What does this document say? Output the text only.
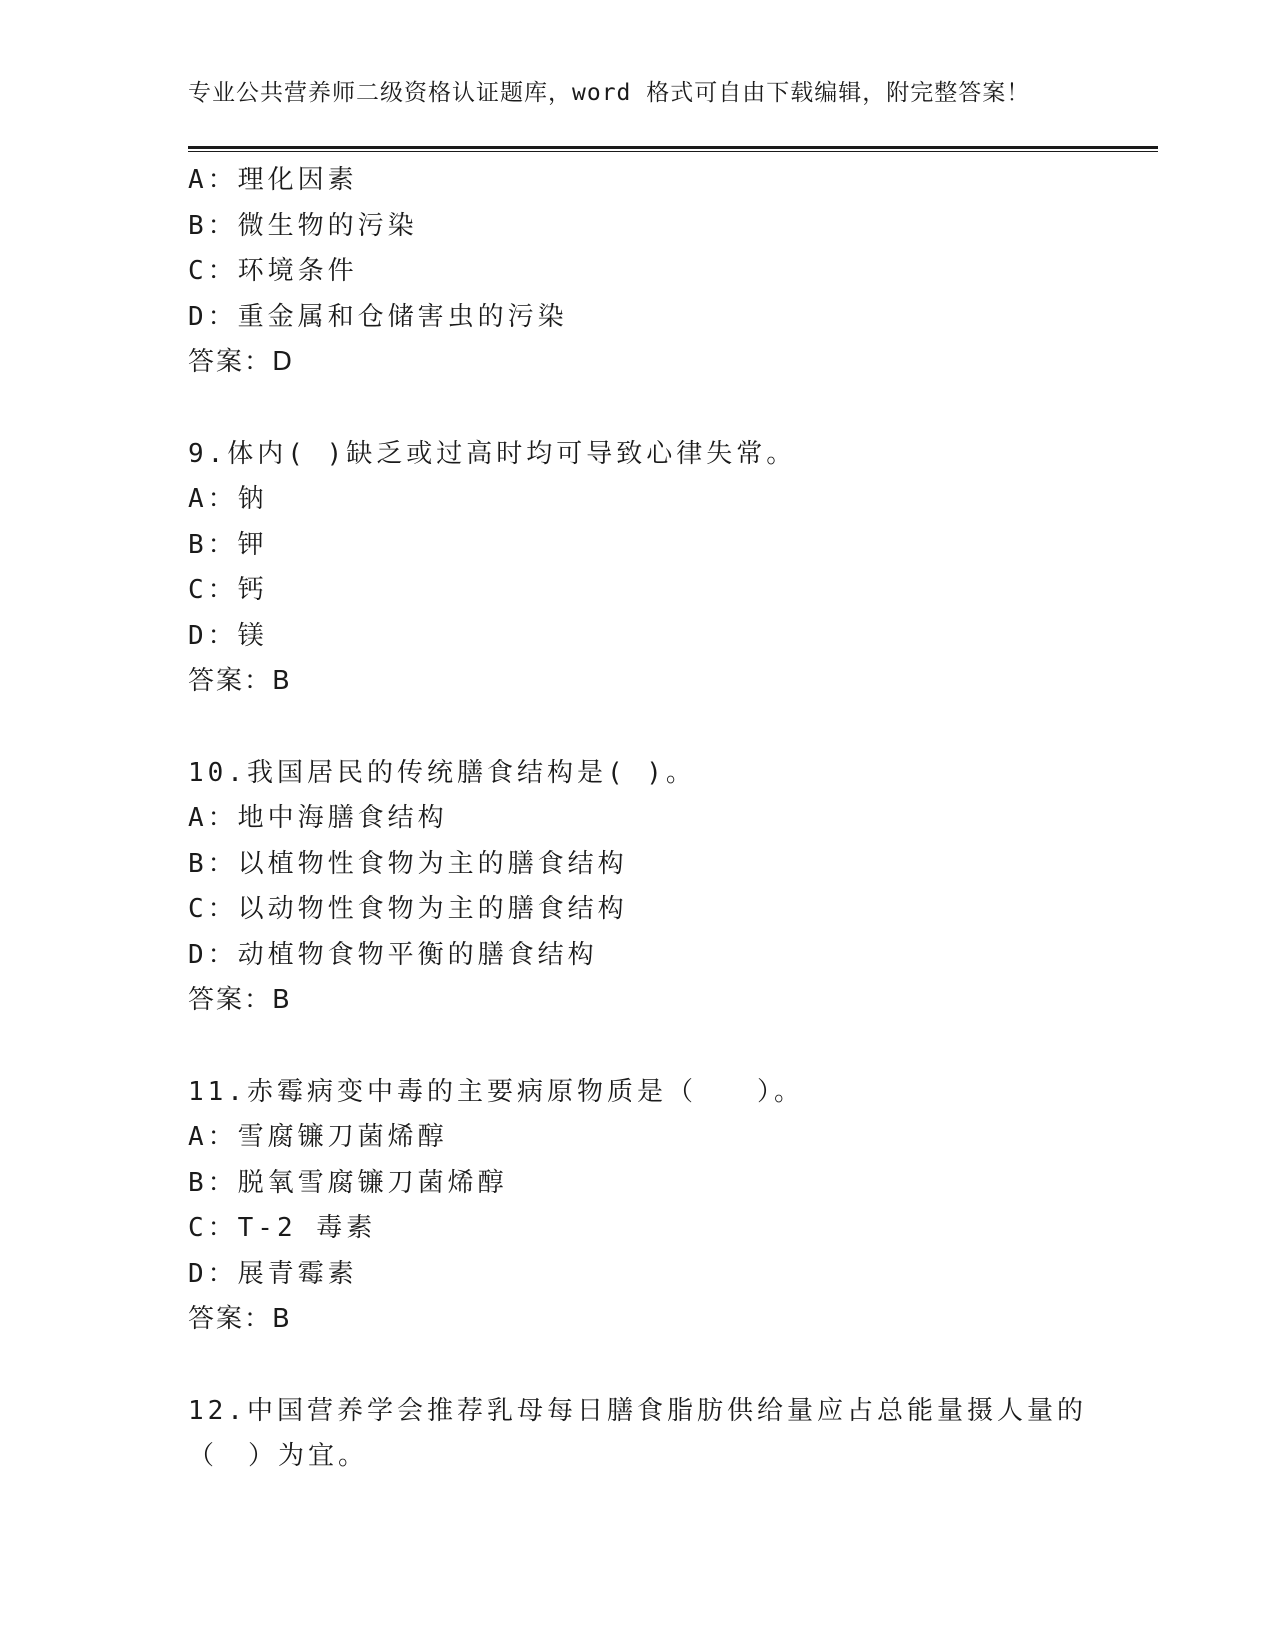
专业公共营养师二级资格认证题库，word 格式可自由下载编辑，附完整答案！
A：理化因素
B：微生物的污染
C：环境条件
D：重金属和仓储害虫的污染
答案：D
9.体内( )缺乏或过高时均可导致心律失常。
A：钠
B：钾
C：钙
D：镁
答案：B
10.我国居民的传统膳食结构是( )。
A：地中海膳食结构
B：以植物性食物为主的膳食结构
C：以动物性食物为主的膳食结构
D：动植物食物平衡的膳食结构
答案：B
11.赤霉病变中毒的主要病原物质是（　　）。
A：雪腐镰刀菌烯醇
B：脱氧雪腐镰刀菌烯醇
C：T-2 毒素
D：展青霉素
答案：B
12.中国营养学会推荐乳母每日膳食脂肪供给量应占总能量摄人量的（　）为宜。
